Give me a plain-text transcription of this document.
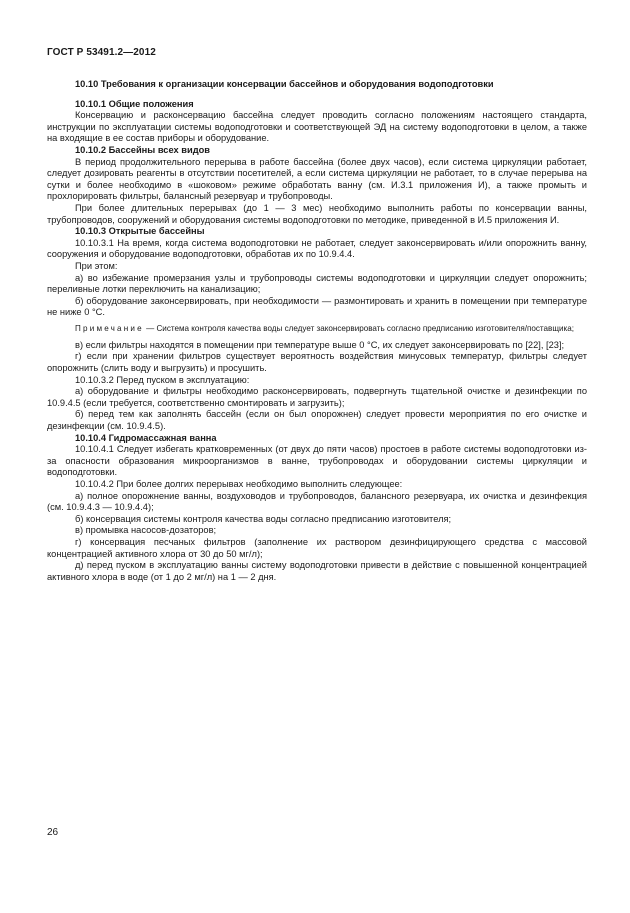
ГОСТ Р 53491.2—2012

10.10 Требования к организации консервации бассейнов и оборудования водоподготовки

10.10.1 Общие положения

Консервацию и расконсервацию бассейна следует проводить согласно положениям настоящего стандарта, инструкции по эксплуатации системы водоподготовки и соответствующей ЭД на систему водоподготовки в целом, а также на входящие в ее состав приборы и оборудование.

10.10.2 Бассейны всех видов

В период продолжительного перерыва в работе бассейна (более двух часов), если система циркуляции работает, следует дозировать реагенты в отсутствии посетителей, а если система циркуляции не работает, то в случае перерыва на сутки и более необходимо в «шоковом» режиме обработать ванну (см. И.3.1 приложения И), а также промыть и прохлорировать фильтры, балансный резервуар и трубопроводы.

При более длительных перерывах (до 1 — 3 мес) необходимо выполнить работы по консервации ванны, трубопроводов, сооружений и оборудования системы водоподготовки по методике, приведенной в И.5 приложения И.

10.10.3 Открытые бассейны

10.10.3.1 На время, когда система водоподготовки не работает, следует законсервировать и/или опорожнить ванну, сооружения и оборудование водоподготовки, обработав их по 10.9.4.4.

При этом:

а) во избежание промерзания узлы и трубопроводы системы водоподготовки и циркуляции следует опорожнить; переливные лотки переключить на канализацию;

б) оборудование законсервировать, при необходимости — размонтировать и хранить в помещении при температуре не ниже 0 °С.

Примечание — Система контроля качества воды следует законсервировать согласно предписанию изготовителя/поставщика;

в) если фильтры находятся в помещении при температуре выше 0 °С, их следует законсервировать по [22], [23];

г) если при хранении фильтров существует вероятность воздействия минусовых температур, фильтры следует опорожнить (слить воду и выгрузить) и просушить.

10.10.3.2 Перед пуском в эксплуатацию:

а) оборудование и фильтры необходимо расконсервировать, подвергнуть тщательной очистке и дезинфекции по 10.9.4.5 (если требуется, соответственно смонтировать и загрузить);

б) перед тем как заполнять бассейн (если он был опорожнен) следует провести мероприятия по его очистке и дезинфекции (см. 10.9.4.5).

10.10.4 Гидромассажная ванна

10.10.4.1 Следует избегать кратковременных (от двух до пяти часов) простоев в работе системы водоподготовки из-за опасности образования микроорганизмов в ванне, трубопроводах и оборудовании системы циркуляции и водоподготовки.

10.10.4.2 При более долгих перерывах необходимо выполнить следующее:

а) полное опорожнение ванны, воздуховодов и трубопроводов, балансного резервуара, их очистка и дезинфекция (см. 10.9.4.3 — 10.9.4.4);

б) консервация системы контроля качества воды согласно предписанию изготовителя;

в) промывка насосов-дозаторов;

г) консервация песчаных фильтров (заполнение их раствором дезинфицирующего средства с массовой концентрацией активного хлора от 30 до 50 мг/л);

д) перед пуском в эксплуатацию ванны систему водоподготовки привести в действие с повышенной концентрацией активного хлора в воде (от 1 до 2 мг/л) на 1 — 2 дня.

26
